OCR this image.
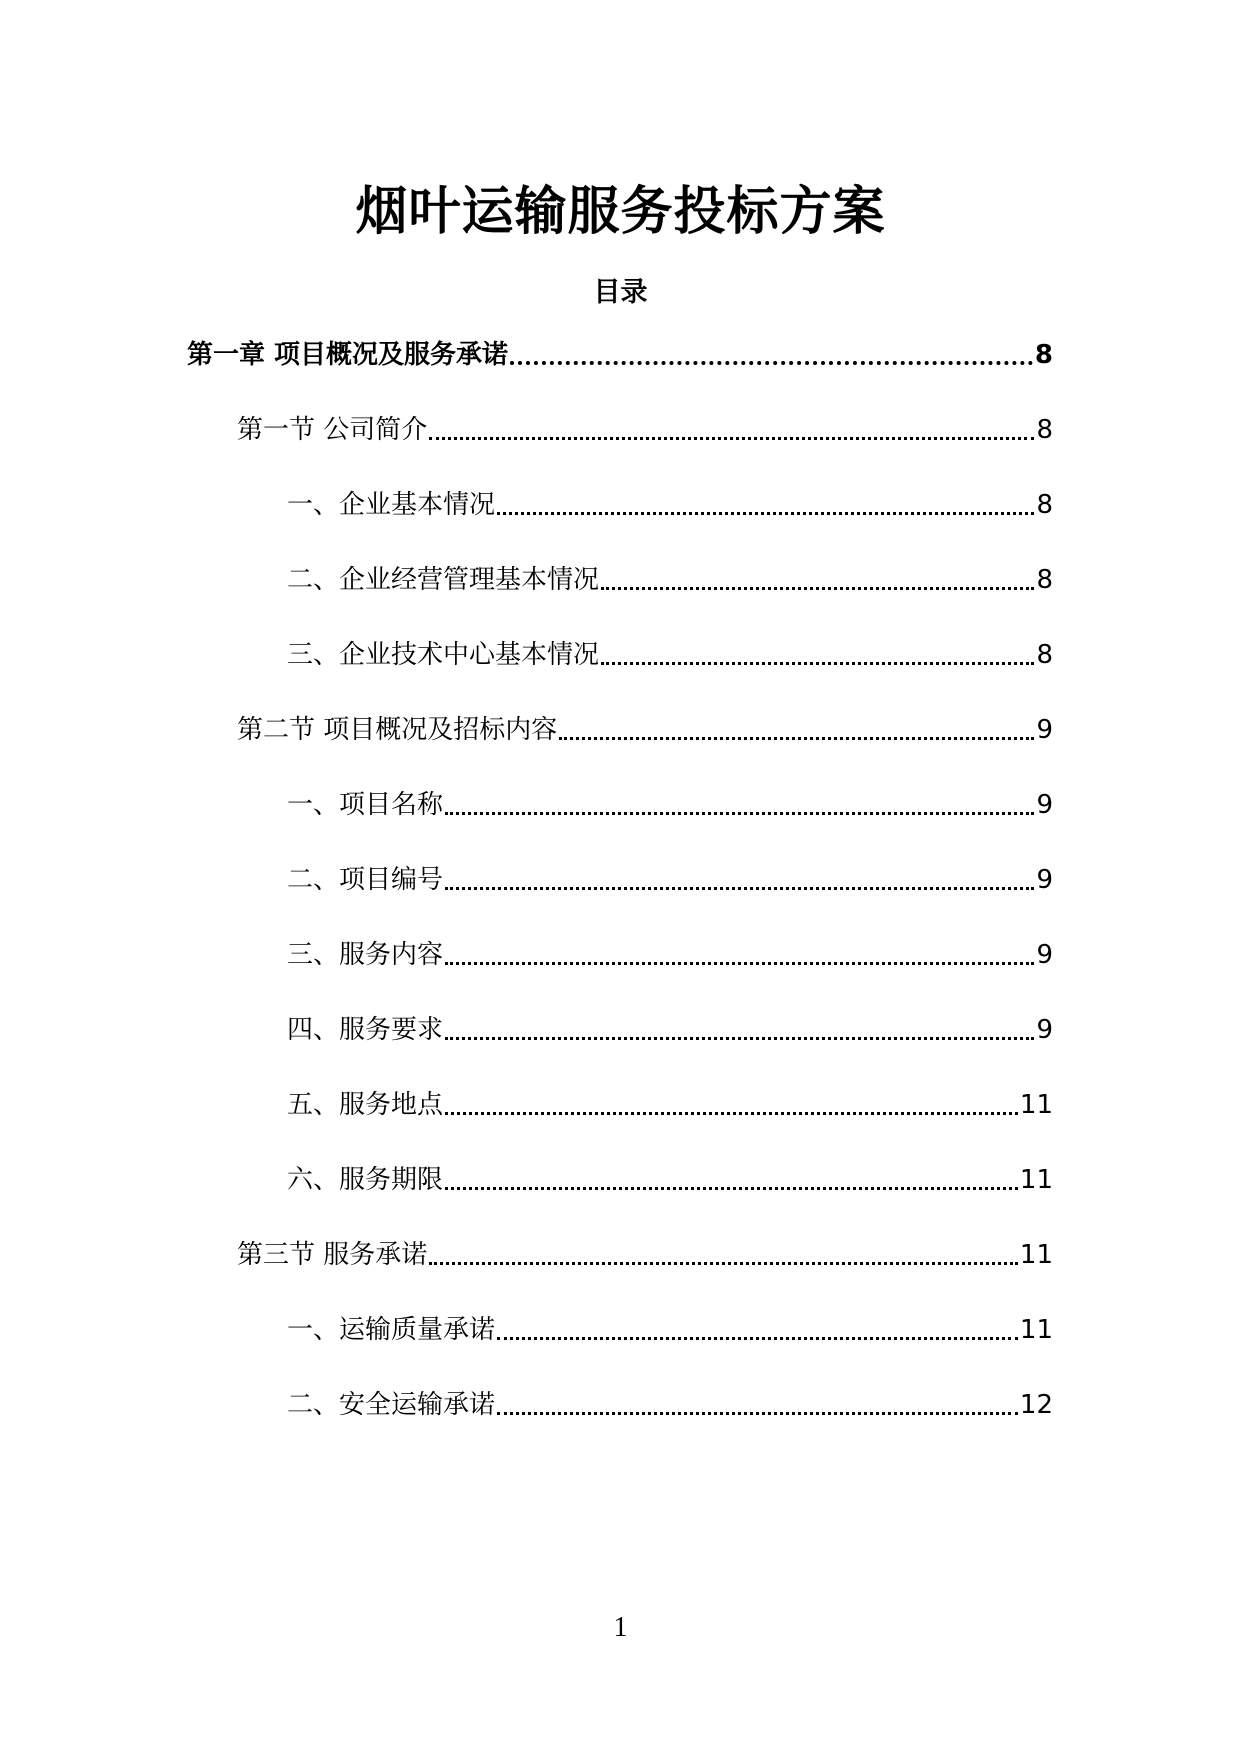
烟叶运输服务投标方案
目录
第一章 项目概况及服务承诺	8
第一节 公司简介	8
一、企业基本情况	8
二、企业经营管理基本情况	8
三、企业技术中心基本情况	8
第二节 项目概况及招标内容	9
一、项目名称	9
二、项目编号	9
三、服务内容	9
四、服务要求	9
五、服务地点	11
六、服务期限	11
第三节 服务承诺	11
一、运输质量承诺	11
二、安全运输承诺	12
1
